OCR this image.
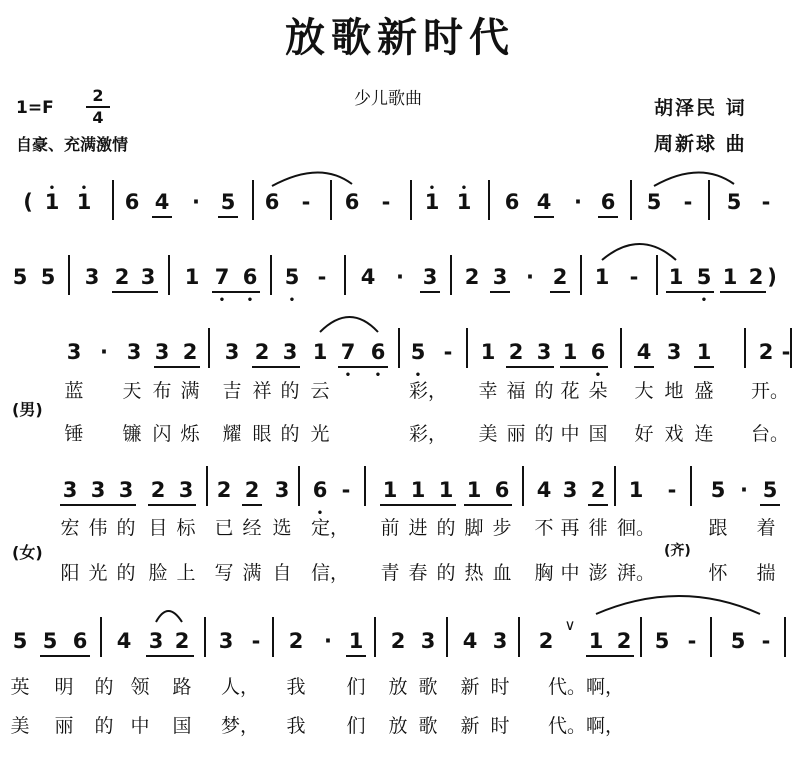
放歌新时代
少儿歌曲
1=F
2
4
自豪、充满激情
胡泽民 词
周新球 曲
( • 1 • 1 6 4 · 5 6 - 6 - • 1 • 1 6 4 · 6 5 - 5 -
5 5 3 2 3 1 7 • 6 • 5 • - 4 · 3 2 3 · 2 1 - 1 5 • 1 2 )
3 · 3 3 2 3 2 3 1 7 • 6 • 5 • - 1 2 3 1 6 • 4 3 1 2 -
(男)
蓝 天 布 满 吉 祥 的 云	彩， 幸 福 的 花 朵 大 地 盛 开。
锤 镰 闪 烁 耀 眼 的 光	彩， 美 丽 的 中 国 好 戏 连 台。
3 3 3 2 3 2 2 3 6 • - 1 1 1 1 6 4 3 2 1 - 5 · 5
(女)	(齐)
宏 伟 的 目 标 已 经 选 定， 前 进 的 脚 步 不 再 徘 徊。	跟 着
阳 光 的 脸 上 写 满 自 信， 青 春 的 热 血 胸 中 澎 湃。	怀 揣
5 5 6 4 3 2 3 - 2 · 1 2 3 4 3 2
∨
1 2 5 - 5 -
英 明 的 领 路 人， 我 们 放 歌 新 时 代。啊，
美 丽 的 中 国 梦， 我 们 放 歌 新 时 代。啊，
